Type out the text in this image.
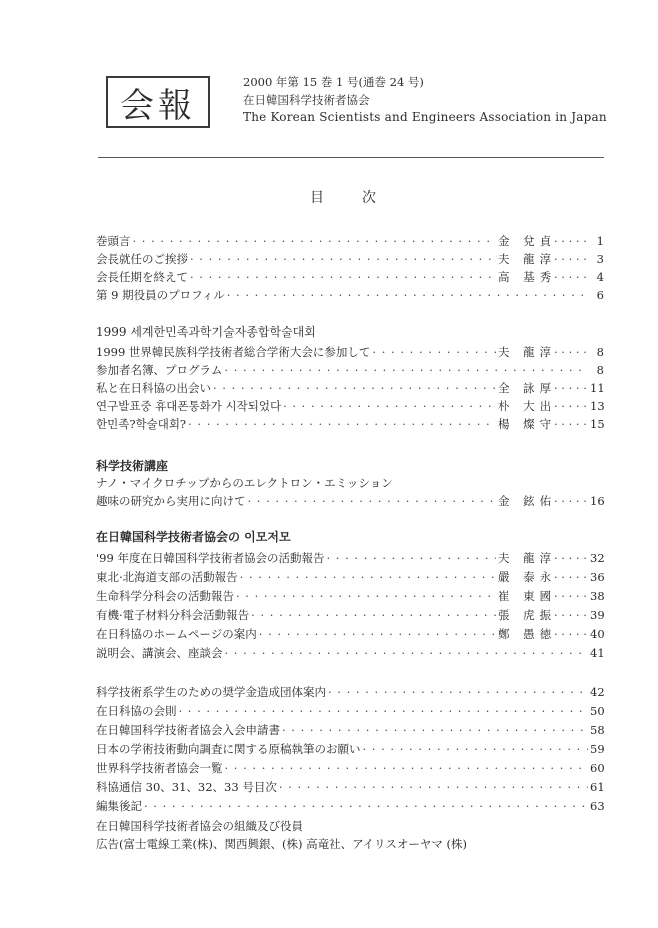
会報
2000 年第 15 巻 1 号(通巻 24 号)
在日韓国科学技術者協会
The Korean Scientists and Engineers Association in Japan
目次
巻頭言 · · ·	金 兌貞 · · ·	1
会長就任のご挨拶 · · ·	夫 龍淳 · · ·	3
会長任期を終えて · · ·	高 基秀 · · ·	4
第 9 期役員のプロフィル · · ·	6
1999 세계한민족과학기술자종합학술대회
1999 世界韓民族科学技術者総合学術大会に参加して · · ·	夫 龍淳 · · ·	8
参加者名簿、プログラム · · ·	8
私と在日科協の出会い · · ·	全 詠厚 · · ·	11
연구발표중 휴대폰통화가 시작되었다 · · ·	朴 大出 · · ·	13
한민족?학술대회? · · ·	楊 燦守 · · ·	15
科学技術講座
ナノ・マイクロチップからのエレクトロン・エミッション
趣味の研究から実用に向けて · · ·	金 鉉佑 · · ·	16
在日韓国科学技術者協会の 이모저모
'99 年度在日韓国科学技術者協会の活動報告 · · ·	夫 龍淳 · · ·	32
東北·北海道支部の活動報告 · · ·	嚴 泰永 · · ·	36
生命科学分科会の活動報告 · · ·	崔 東國 · · ·	38
有機·電子材料分科会活動報告 · · ·	張 虎振 · · ·	39
在日科協のホームページの案内 · · ·	鄭 愚徳 · · ·	40
説明会、講演会、座談会 · · ·	41
科学技術系学生のための奨学金造成団体案内 · · ·	42
在日科協の会則 · · ·	50
在日韓国科学技術者協会入会申請書 · · ·	58
日本の学術技術動向調査に関する原稿執筆のお願い · · ·	59
世界科学技術者協会一覧 · · ·	60
科協通信 30、31、32、33 号目次 · · ·	61
編集後記 · · ·	63
在日韓国科学技術者協会の組織及び役員
広告(富士電線工業(株)、関西興銀、(株) 高竜社、アイリスオーヤマ (株)
